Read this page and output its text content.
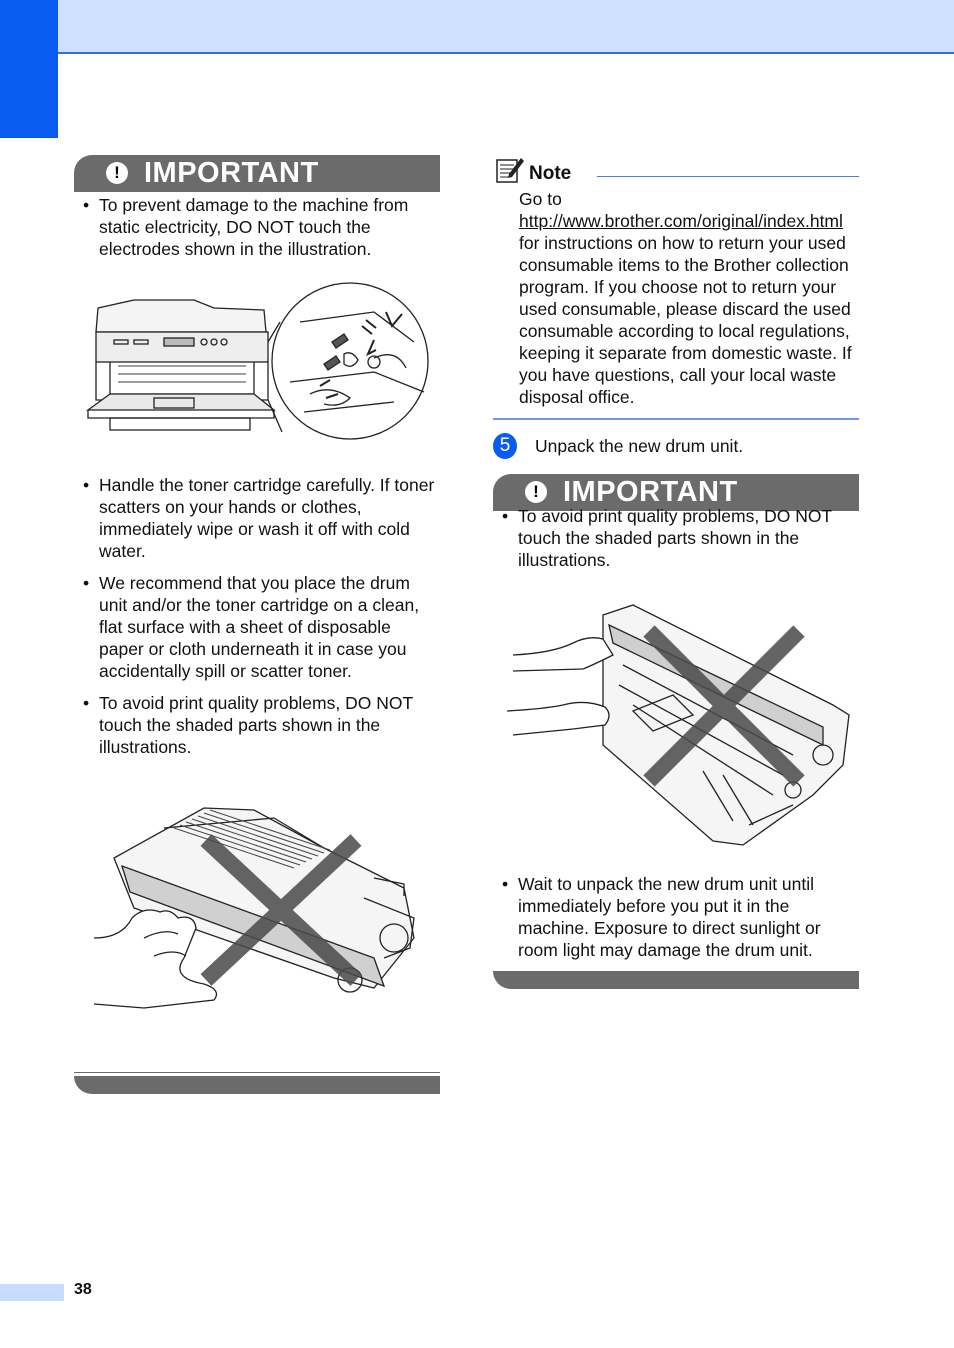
! IMPORTANT
• To prevent damage to the machine from static electricity, DO NOT touch the electrodes shown in the illustration.
• Handle the toner cartridge carefully. If toner scatters on your hands or clothes, immediately wipe or wash it off with cold water.
• We recommend that you place the drum unit and/or the toner cartridge on a clean, flat surface with a sheet of disposable paper or cloth underneath it in case you accidentally spill or scatter toner.
• To avoid print quality problems, DO NOT touch the shaded parts shown in the illustrations.
Note
Go to http://www.brother.com/original/index.html for instructions on how to return your used consumable items to the Brother collection program. If you choose not to return your used consumable, please discard the used consumable according to local regulations, keeping it separate from domestic waste. If you have questions, call your local waste disposal office.
5	Unpack the new drum unit.
! IMPORTANT
• To avoid print quality problems, DO NOT touch the shaded parts shown in the illustrations.
• Wait to unpack the new drum unit until immediately before you put it in the machine. Exposure to direct sunlight or room light may damage the drum unit.
38
